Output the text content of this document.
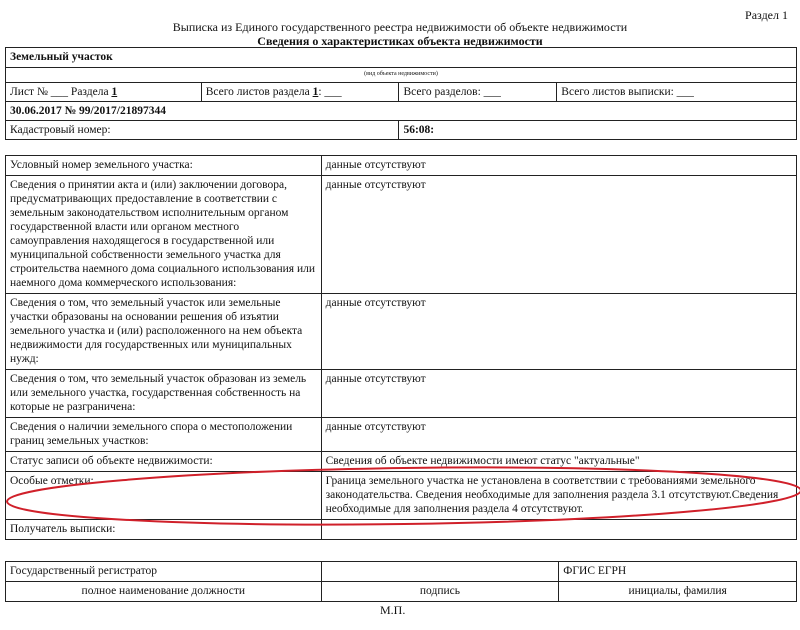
Раздел 1
Выписка из Единого государственного реестра недвижимости об объекте недвижимости
Сведения о характеристиках объекта недвижимости
Земельный участок			
(вид объекта недвижимости)			
Лист № ___ Раздела 1	Всего листов раздела 1: ___	Всего разделов: ___	Всего листов выписки: ___
30.06.2017 № 99/2017/21897344			
Кадастровый номер:		56:08:	
Условный номер земельного участка:	данные отсутствуют
Сведения о принятии акта и (или) заключении договора, предусматривающих предоставление в соответствии с земельным законодательством исполнительным органом государственной власти или органом местного самоуправления находящегося в государственной или муниципальной собственности земельного участка для строительства наемного дома социального использования или наемного дома коммерческого использования:	данные отсутствуют
Сведения о том, что земельный участок или земельные участки образованы на основании решения об изъятии земельного участка и (или) расположенного на нем объекта недвижимости для государственных или муниципальных нужд:	данные отсутствуют
Сведения о том, что земельный участок образован из земель или земельного участка, государственная собственность на которые не разграничена:	данные отсутствуют
Сведения о наличии земельного спора о местоположении границ земельных участков:	данные отсутствуют
Статус записи об объекте недвижимости:	Сведения об объекте недвижимости имеют статус "актуальные"
Особые отметки:	Граница земельного участка не установлена в соответствии с требованиями земельного законодательства. Сведения необходимые для заполнения раздела 3.1 отсутствуют.Сведения необходимые для заполнения раздела 4 отсутствуют.
Получатель выписки:	
Государственный регистратор		ФГИС ЕГРН
полное наименование должности	подпись	инициалы, фамилия
М.П.
